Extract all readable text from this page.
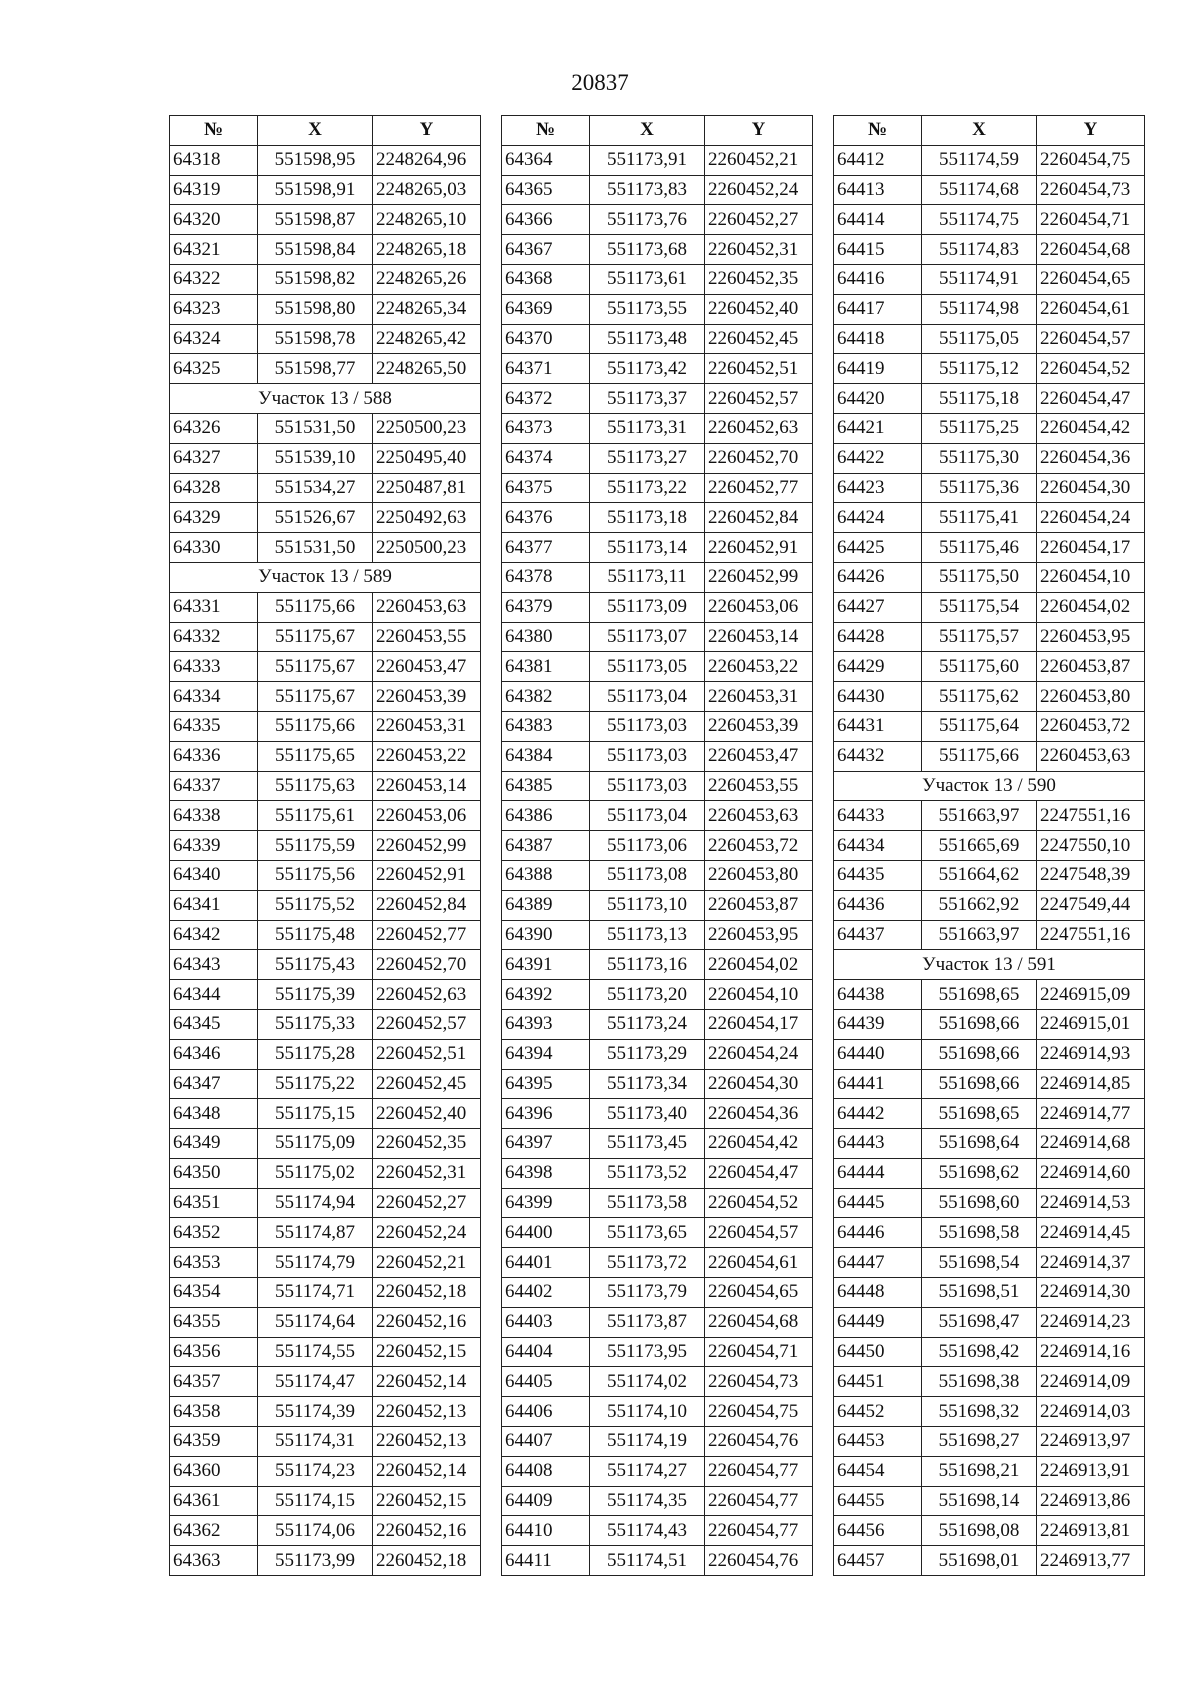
20837
№	X	Y
64318	551598,95	2248264,96
64319	551598,91	2248265,03
64320	551598,87	2248265,10
64321	551598,84	2248265,18
64322	551598,82	2248265,26
64323	551598,80	2248265,34
64324	551598,78	2248265,42
64325	551598,77	2248265,50
Участок 13 / 588		
64326	551531,50	2250500,23
64327	551539,10	2250495,40
64328	551534,27	2250487,81
64329	551526,67	2250492,63
64330	551531,50	2250500,23
Участок 13 / 589		
64331	551175,66	2260453,63
64332	551175,67	2260453,55
64333	551175,67	2260453,47
64334	551175,67	2260453,39
64335	551175,66	2260453,31
64336	551175,65	2260453,22
64337	551175,63	2260453,14
64338	551175,61	2260453,06
64339	551175,59	2260452,99
64340	551175,56	2260452,91
64341	551175,52	2260452,84
64342	551175,48	2260452,77
64343	551175,43	2260452,70
64344	551175,39	2260452,63
64345	551175,33	2260452,57
64346	551175,28	2260452,51
64347	551175,22	2260452,45
64348	551175,15	2260452,40
64349	551175,09	2260452,35
64350	551175,02	2260452,31
64351	551174,94	2260452,27
64352	551174,87	2260452,24
64353	551174,79	2260452,21
64354	551174,71	2260452,18
64355	551174,64	2260452,16
64356	551174,55	2260452,15
64357	551174,47	2260452,14
64358	551174,39	2260452,13
64359	551174,31	2260452,13
64360	551174,23	2260452,14
64361	551174,15	2260452,15
64362	551174,06	2260452,16
64363	551173,99	2260452,18
№	X	Y
64364	551173,91	2260452,21
64365	551173,83	2260452,24
64366	551173,76	2260452,27
64367	551173,68	2260452,31
64368	551173,61	2260452,35
64369	551173,55	2260452,40
64370	551173,48	2260452,45
64371	551173,42	2260452,51
64372	551173,37	2260452,57
64373	551173,31	2260452,63
64374	551173,27	2260452,70
64375	551173,22	2260452,77
64376	551173,18	2260452,84
64377	551173,14	2260452,91
64378	551173,11	2260452,99
64379	551173,09	2260453,06
64380	551173,07	2260453,14
64381	551173,05	2260453,22
64382	551173,04	2260453,31
64383	551173,03	2260453,39
64384	551173,03	2260453,47
64385	551173,03	2260453,55
64386	551173,04	2260453,63
64387	551173,06	2260453,72
64388	551173,08	2260453,80
64389	551173,10	2260453,87
64390	551173,13	2260453,95
64391	551173,16	2260454,02
64392	551173,20	2260454,10
64393	551173,24	2260454,17
64394	551173,29	2260454,24
64395	551173,34	2260454,30
64396	551173,40	2260454,36
64397	551173,45	2260454,42
64398	551173,52	2260454,47
64399	551173,58	2260454,52
64400	551173,65	2260454,57
64401	551173,72	2260454,61
64402	551173,79	2260454,65
64403	551173,87	2260454,68
64404	551173,95	2260454,71
64405	551174,02	2260454,73
64406	551174,10	2260454,75
64407	551174,19	2260454,76
64408	551174,27	2260454,77
64409	551174,35	2260454,77
64410	551174,43	2260454,77
64411	551174,51	2260454,76
№	X	Y
64412	551174,59	2260454,75
64413	551174,68	2260454,73
64414	551174,75	2260454,71
64415	551174,83	2260454,68
64416	551174,91	2260454,65
64417	551174,98	2260454,61
64418	551175,05	2260454,57
64419	551175,12	2260454,52
64420	551175,18	2260454,47
64421	551175,25	2260454,42
64422	551175,30	2260454,36
64423	551175,36	2260454,30
64424	551175,41	2260454,24
64425	551175,46	2260454,17
64426	551175,50	2260454,10
64427	551175,54	2260454,02
64428	551175,57	2260453,95
64429	551175,60	2260453,87
64430	551175,62	2260453,80
64431	551175,64	2260453,72
64432	551175,66	2260453,63
Участок 13 / 590		
64433	551663,97	2247551,16
64434	551665,69	2247550,10
64435	551664,62	2247548,39
64436	551662,92	2247549,44
64437	551663,97	2247551,16
Участок 13 / 591		
64438	551698,65	2246915,09
64439	551698,66	2246915,01
64440	551698,66	2246914,93
64441	551698,66	2246914,85
64442	551698,65	2246914,77
64443	551698,64	2246914,68
64444	551698,62	2246914,60
64445	551698,60	2246914,53
64446	551698,58	2246914,45
64447	551698,54	2246914,37
64448	551698,51	2246914,30
64449	551698,47	2246914,23
64450	551698,42	2246914,16
64451	551698,38	2246914,09
64452	551698,32	2246914,03
64453	551698,27	2246913,97
64454	551698,21	2246913,91
64455	551698,14	2246913,86
64456	551698,08	2246913,81
64457	551698,01	2246913,77
